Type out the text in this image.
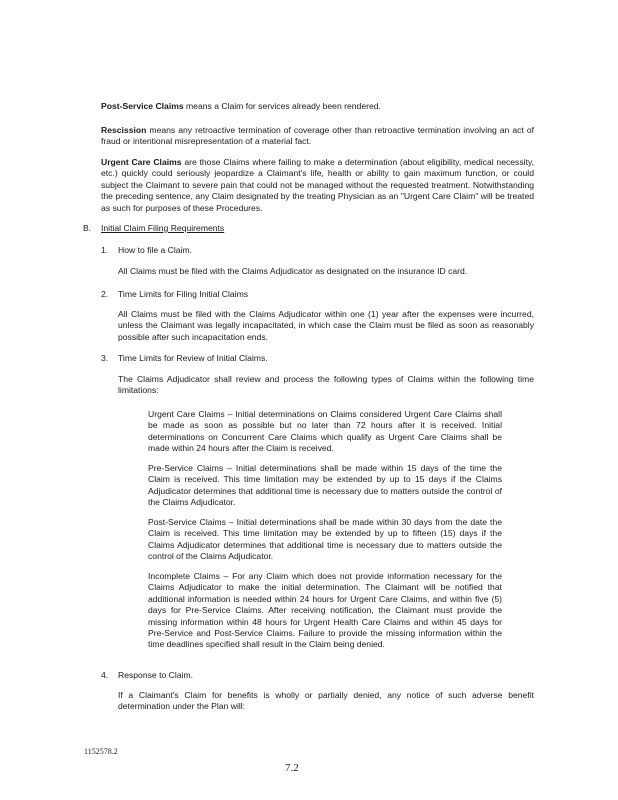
Post-Service Claims means a Claim for services already been rendered.

Rescission means any retroactive termination of coverage other than retroactive termination involving an act of fraud or intentional misrepresentation of a material fact.

Urgent Care Claims are those Claims where failing to make a determination (about eligibility, medical necessity, etc.) quickly could seriously jeopardize a Claimant's life, health or ability to gain maximum function, or could subject the Claimant to severe pain that could not be managed without the requested treatment. Notwithstanding the preceding sentence, any Claim designated by the treating Physician as an "Urgent Care Claim" will be treated as such for purposes of these Procedures.

B. Initial Claim Filing Requirements

1. How to file a Claim.

All Claims must be filed with the Claims Adjudicator as designated on the insurance ID card.

2. Time Limits for Filing Initial Claims

All Claims must be filed with the Claims Adjudicator within one (1) year after the expenses were incurred, unless the Claimant was legally incapacitated, in which case the Claim must be filed as soon as reasonably possible after such incapacitation ends.

3. Time Limits for Review of Initial Claims.

The Claims Adjudicator shall review and process the following types of Claims within the following time limitations:

Urgent Care Claims – Initial determinations on Claims considered Urgent Care Claims shall be made as soon as possible but no later than 72 hours after it is received. Initial determinations on Concurrent Care Claims which qualify as Urgent Care Claims shall be made within 24 hours after the Claim is received.

Pre-Service Claims – Initial determinations shall be made within 15 days of the time the Claim is received. This time limitation may be extended by up to 15 days if the Claims Adjudicator determines that additional time is necessary due to matters outside the control of the Claims Adjudicator.

Post-Service Claims – Initial determinations shall be made within 30 days from the date the Claim is received. This time limitation may be extended by up to fifteen (15) days if the Claims Adjudicator determines that additional time is necessary due to matters outside the control of the Claims Adjudicator.

Incomplete Claims – For any Claim which does not provide information necessary for the Claims Adjudicator to make the initial determination. The Claimant will be notified that additional information is needed within 24 hours for Urgent Care Claims, and within five (5) days for Pre-Service Claims. After receiving notification, the Claimant must provide the missing information within 48 hours for Urgent Health Care Claims and within 45 days for Pre-Service and Post-Service Claims. Failure to provide the missing information within the time deadlines specified shall result in the Claim being denied.

4. Response to Claim.

If a Claimant's Claim for benefits is wholly or partially denied, any notice of such adverse benefit determination under the Plan will:

1152578.2

7.2
